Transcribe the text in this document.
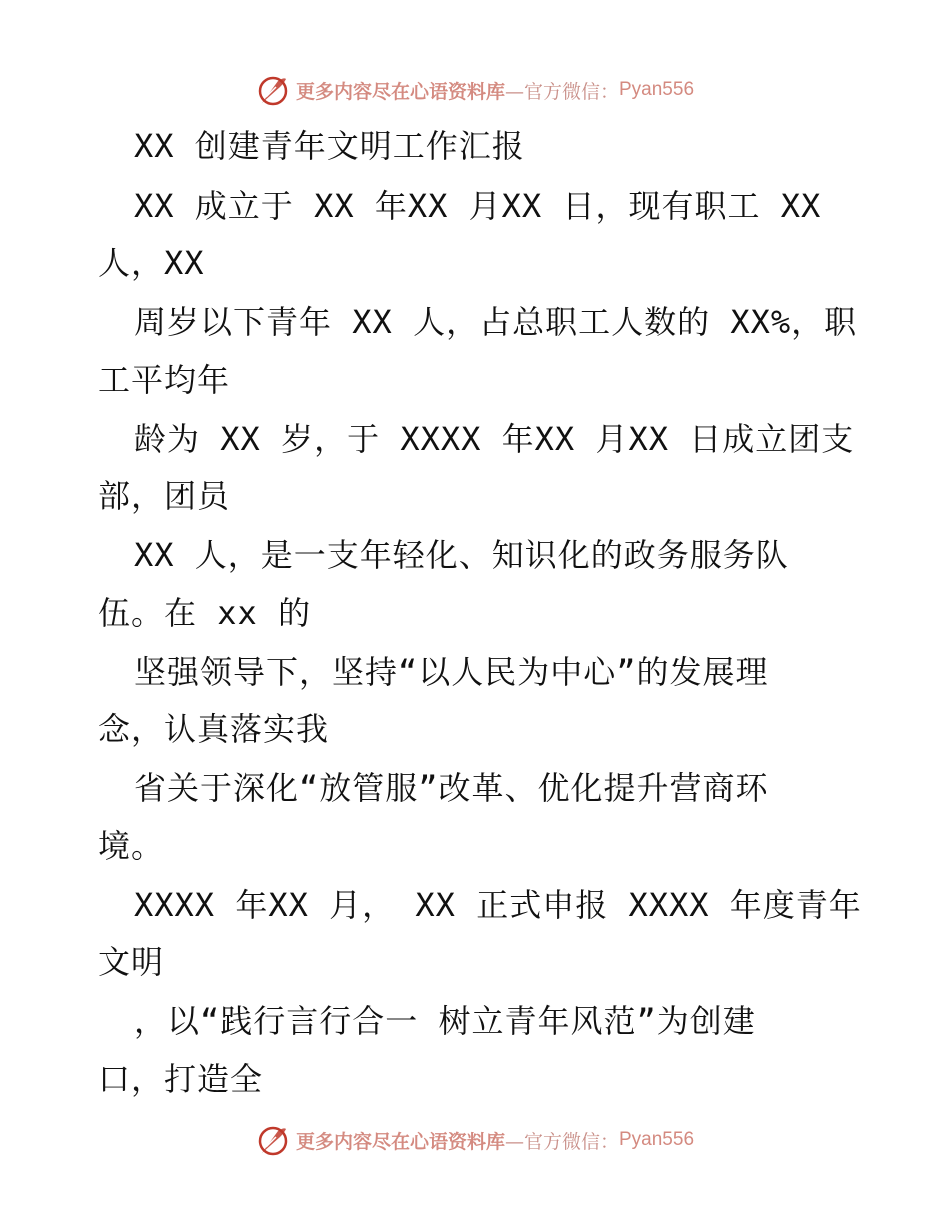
更多内容尽在心语资料库 —官方微信： Pyan556
XX 创建青年文明工作汇报
XX 成立于 XX 年XX 月XX 日，现有职工 XX
人，XX
周岁以下青年 XX 人，占总职工人数的 XX%，职
工平均年
龄为 XX 岁，于 XXXX 年XX 月XX 日成立团支
部，团员
XX 人，是一支年轻化、知识化的政务服务队
伍。在 xx 的
坚强领导下，坚持“以人民为中心”的发展理
念，认真落实我
省关于深化“放管服”改革、优化提升营商环
境。
XXXX 年XX 月， XX 正式申报 XXXX 年度青年
文明
，以“践行言行合一 树立青年风范”为创建
口，打造全
更多内容尽在心语资料库 —官方微信： Pyan556
